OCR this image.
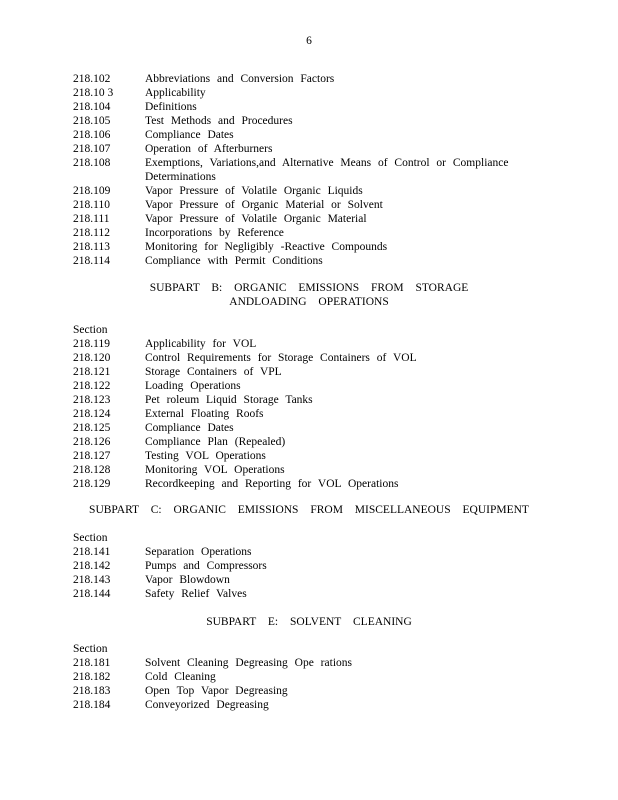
6
218.102	Abbreviations and Conversion Factors
218.10 3	Applicability
218.104	Definitions
218.105	Test Methods and Procedures
218.106	Compliance Dates
218.107	Operation of Afterburners
218.108	Exemptions, Variations,and Alternative Means of Control or Compliance
Determinations
218.109	Vapor Pressure of Volatile Organic Liquids
218.110	Vapor Pressure of Organic Material or Solvent
218.111	Vapor Pressure of Volatile Organic Material
218.112	Incorporations by Reference
218.113	Monitoring for Negligibly -Reactive Compounds
218.114	Compliance with Permit Conditions
SUBPART B: ORGANIC EMISSIONS FROM STORAGE
ANDLOADING OPERATIONS
Section
218.119	Applicability for VOL
218.120	Control Requirements for Storage Containers of VOL
218.121	Storage Containers of VPL
218.122	Loading Operations
218.123	Pet roleum Liquid Storage Tanks
218.124	External Floating Roofs
218.125	Compliance Dates
218.126	Compliance Plan (Repealed)
218.127	Testing VOL Operations
218.128	Monitoring VOL Operations
218.129	Recordkeeping and Reporting for VOL Operations
SUBPART C: ORGANIC EMISSIONS FROM MISCELLANEOUS EQUIPMENT
Section
218.141	Separation Operations
218.142	Pumps and Compressors
218.143	Vapor Blowdown
218.144	Safety Relief Valves
SUBPART E: SOLVENT CLEANING
Section
218.181	Solvent Cleaning Degreasing Ope rations
218.182	Cold Cleaning
218.183	Open Top Vapor Degreasing
218.184	Conveyorized Degreasing
